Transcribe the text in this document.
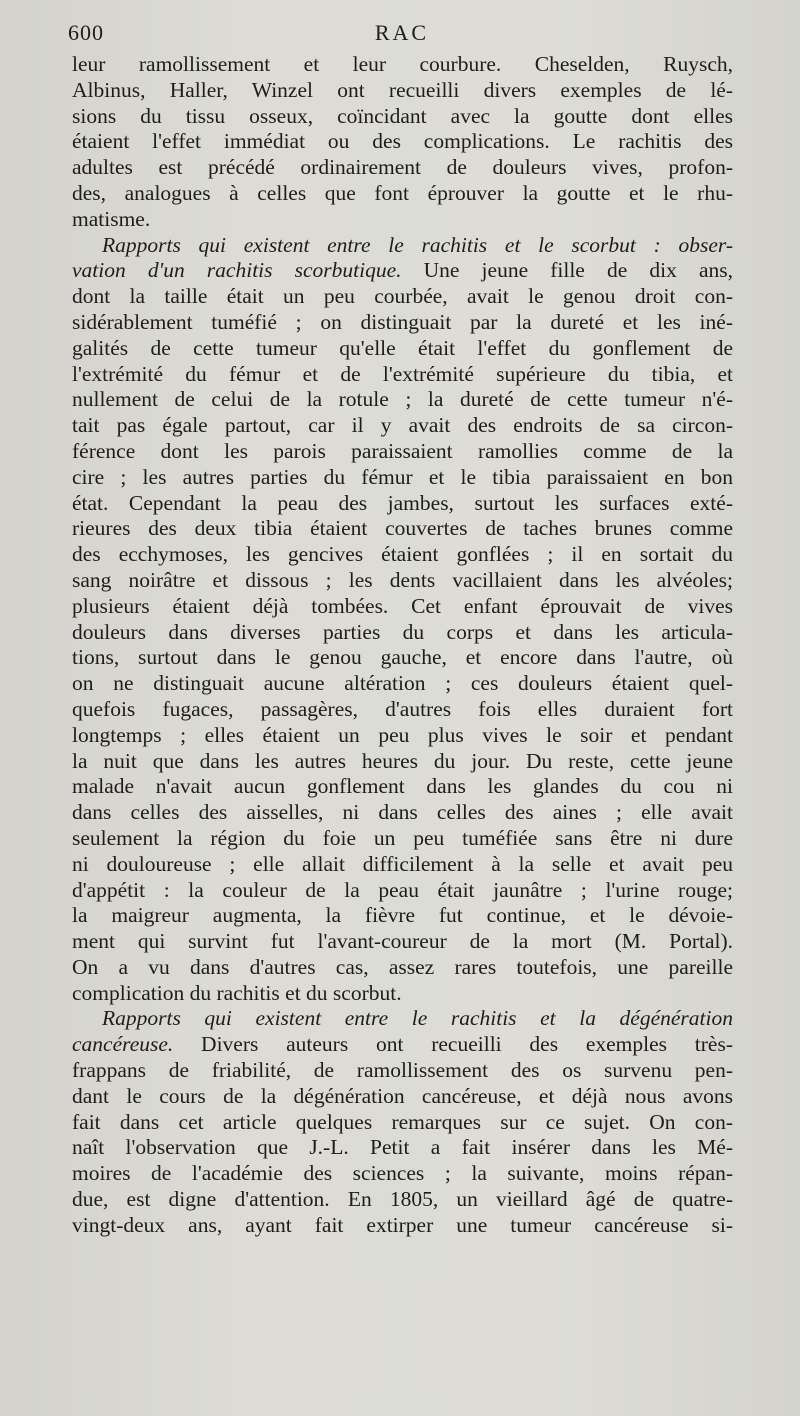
600	RAC
leur ramollissement et leur courbure. Cheselden, Ruysch,
Albinus, Haller, Winzel ont recueilli divers exemples de lé-
sions du tissu osseux, coïncidant avec la goutte dont elles
étaient l'effet immédiat ou des complications. Le rachitis des
adultes est précédé ordinairement de douleurs vives, profon-
des, analogues à celles que font éprouver la goutte et le rhu-
matisme.
Rapports qui existent entre le rachitis et le scorbut : obser-
vation d'un rachitis scorbutique. Une jeune fille de dix ans,
dont la taille était un peu courbée, avait le genou droit con-
sidérablement tuméfié ; on distinguait par la dureté et les iné-
galités de cette tumeur qu'elle était l'effet du gonflement de
l'extrémité du fémur et de l'extrémité supérieure du tibia, et
nullement de celui de la rotule ; la dureté de cette tumeur n'é-
tait pas égale partout, car il y avait des endroits de sa circon-
férence dont les parois paraissaient ramollies comme de la
cire ; les autres parties du fémur et le tibia paraissaient en bon
état. Cependant la peau des jambes, surtout les surfaces exté-
rieures des deux tibia étaient couvertes de taches brunes comme
des ecchymoses, les gencives étaient gonflées ; il en sortait du
sang noirâtre et dissous ; les dents vacillaient dans les alvéoles;
plusieurs étaient déjà tombées. Cet enfant éprouvait de vives
douleurs dans diverses parties du corps et dans les articula-
tions, surtout dans le genou gauche, et encore dans l'autre, où
on ne distinguait aucune altération ; ces douleurs étaient quel-
quefois fugaces, passagères, d'autres fois elles duraient fort
longtemps ; elles étaient un peu plus vives le soir et pendant
la nuit que dans les autres heures du jour. Du reste, cette jeune
malade n'avait aucun gonflement dans les glandes du cou ni
dans celles des aisselles, ni dans celles des aines ; elle avait
seulement la région du foie un peu tuméfiée sans être ni dure
ni douloureuse ; elle allait difficilement à la selle et avait peu
d'appétit : la couleur de la peau était jaunâtre ; l'urine rouge;
la maigreur augmenta, la fièvre fut continue, et le dévoie-
ment qui survint fut l'avant-coureur de la mort (M. Portal).
On a vu dans d'autres cas, assez rares toutefois, une pareille
complication du rachitis et du scorbut.
Rapports qui existent entre le rachitis et la dégénération
cancéreuse. Divers auteurs ont recueilli des exemples très-
frappans de friabilité, de ramollissement des os survenu pen-
dant le cours de la dégénération cancéreuse, et déjà nous avons
fait dans cet article quelques remarques sur ce sujet. On con-
naît l'observation que J.-L. Petit a fait insérer dans les Mé-
moires de l'académie des sciences ; la suivante, moins répan-
due, est digne d'attention. En 1805, un vieillard âgé de quatre-
vingt-deux ans, ayant fait extirper une tumeur cancéreuse si-
